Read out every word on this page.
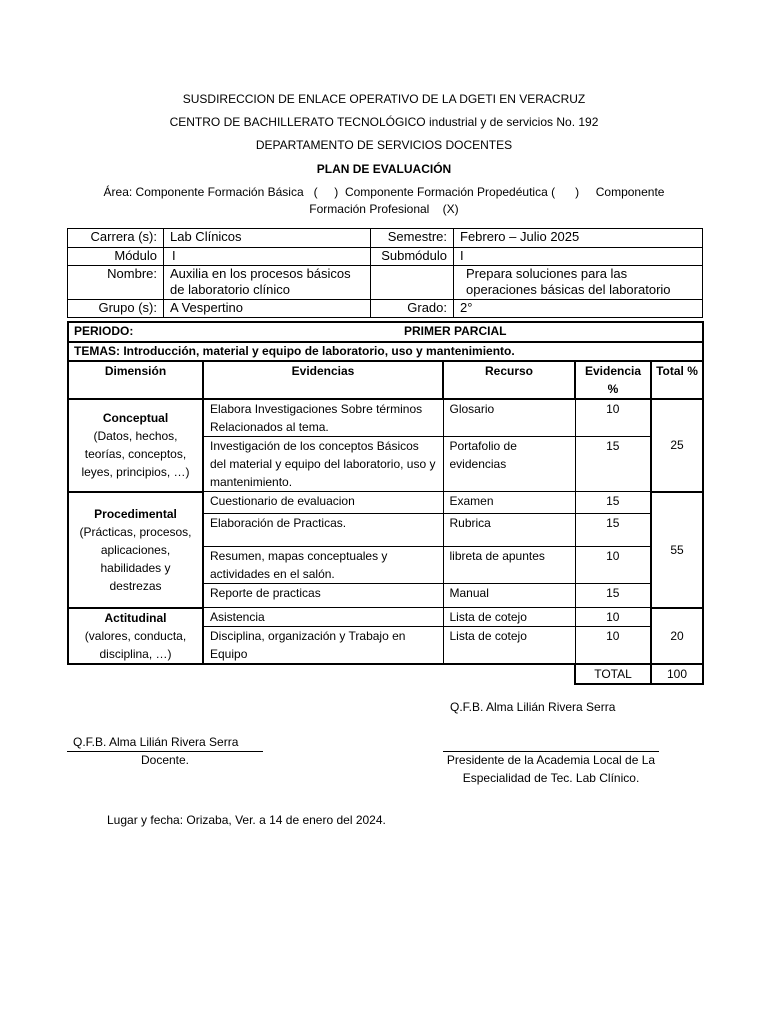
SUSDIRECCION DE ENLACE OPERATIVO DE LA DGETI EN VERACRUZ
CENTRO DE BACHILLERATO TECNOLÓGICO industrial y de servicios No. 192
DEPARTAMENTO DE SERVICIOS DOCENTES
PLAN DE EVALUACIÓN
Área: Componente Formación Básica   (     )  Componente Formación Propedéutica (      )     Componente
Formación Profesional    (X)
Carrera (s):	Lab Clínicos	Semestre:	Febrero – Julio 2025
Módulo	I	Submódulo	I
Nombre:	Auxilia en los procesos básicos de laboratorio clínico		Prepara soluciones para las operaciones básicas del laboratorio
Grupo (s):	A Vespertino	Grado:	2°
PERIODO:	PRIMER PARCIAL
TEMAS: Introducción, material y equipo de laboratorio, uso y mantenimiento.
Dimensión	Evidencias	Recurso	Evidencia %	Total %

Conceptual
(Datos, hechos, teorías, conceptos, leyes, principios, …)	Elabora Investigaciones Sobre términos Relacionados al tema.	Glosario	10	25
	Investigación de los conceptos Básicos del material y equipo del laboratorio, uso y mantenimiento.	Portafolio de evidencias	15	

Procedimental
(Prácticas, procesos, aplicaciones, habilidades y destrezas	Cuestionario de evaluacion	Examen	15	55
	Elaboración de Practicas.	Rubrica	15	
	Resumen, mapas conceptuales y actividades en el salón.	libreta de apuntes	10	
	Reporte de practicas	Manual	15	

Actitudinal
(valores, conducta, disciplina, …)	Asistencia	Lista de cotejo	10	20
	Disciplina, organización y Trabajo en Equipo	Lista de cotejo	10	
			TOTAL	100
Q.F.B. Alma Lilián Rivera Serra
Q.F.B. Alma Lilián Rivera Serra
Docente.	Presidente de la Academia Local de La Especialidad de Tec. Lab Clínico.
Lugar y fecha: Orizaba, Ver. a 14 de enero del 2024.
